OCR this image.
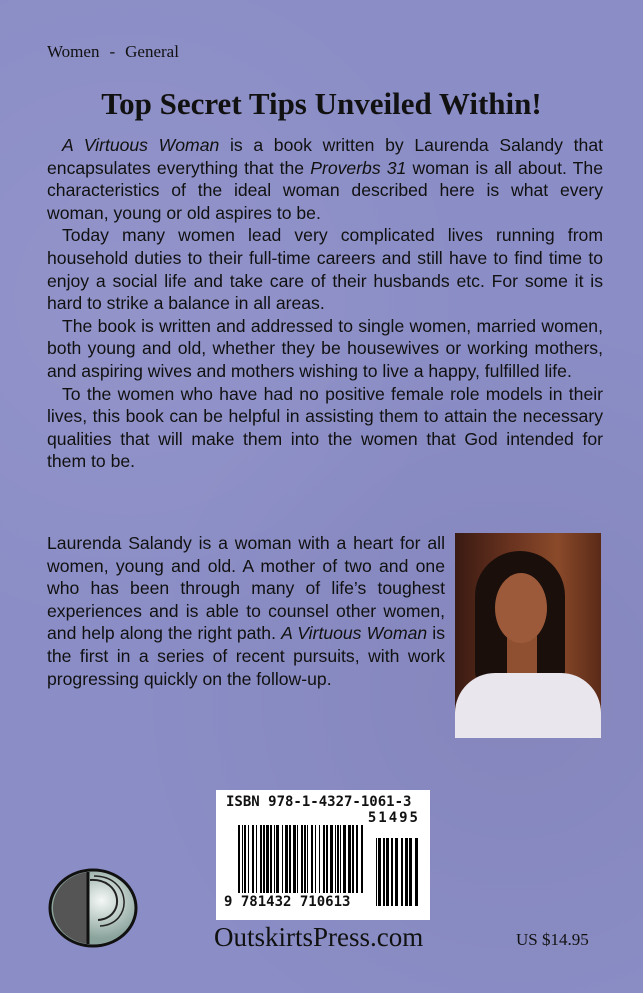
Women - General
Top Secret Tips Unveiled Within!

A Virtuous Woman is a book written by Laurenda Salandy that encapsulates everything that the Proverbs 31 woman is all about. The characteristics of the ideal woman described here is what every woman, young or old aspires to be.

Today many women lead very complicated lives running from household duties to their full-time careers and still have to find time to enjoy a social life and take care of their husbands etc. For some it is hard to strike a balance in all areas.

The book is written and addressed to single women, married women, both young and old, whether they be housewives or working mothers, and aspiring wives and mothers wishing to live a happy, fulfilled life.

To the women who have had no positive female role models in their lives, this book can be helpful in assisting them to attain the necessary qualities that will make them into the women that God intended for them to be.

Laurenda Salandy is a woman with a heart for all women, young and old. A mother of two and one who has been through many of life’s toughest experiences and is able to counsel other women, and help along the right path. A Virtuous Woman is the first in a series of recent pursuits, with work progressing quickly on the follow-up.
ISBN 978-1-4327-1061-3
51495
9 781432 710613
OutskirtsPress.com	US $14.95
